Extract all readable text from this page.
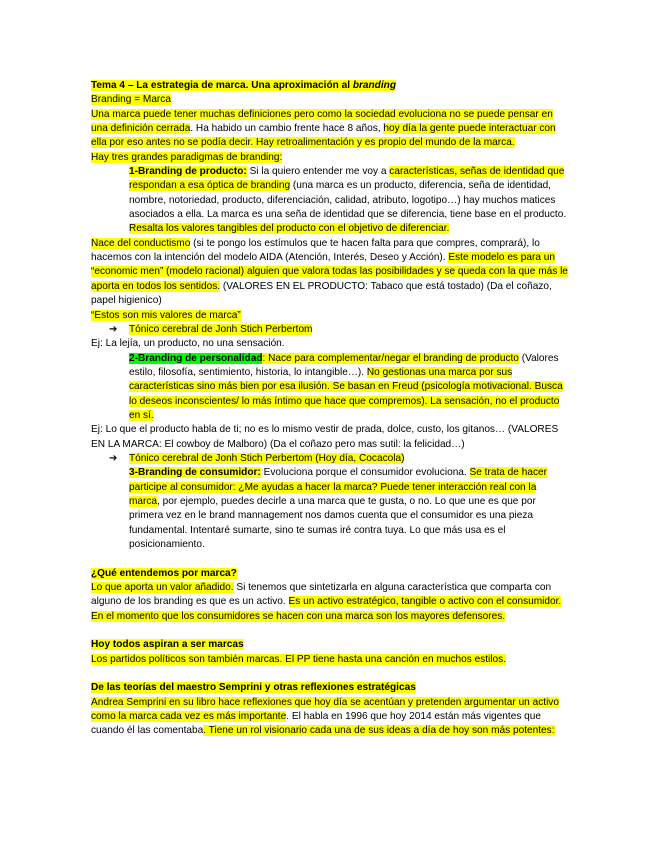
Tema 4 – La estrategia de marca. Una aproximación al branding

Branding = Marca

Una marca puede tener muchas definiciones pero como la sociedad evoluciona no se puede pensar en una definición cerrada. Ha habido un cambio frente hace 8 años, hoy día la gente puede interactuar con ella por eso antes no se podía decir. Hay retroalimentación y es propio del mundo de la marca.

Hay tres grandes paradigmas de branding:

1-Branding de producto: Si la quiero entender me voy a características, señas de identidad que respondan a esa óptica de branding (una marca es un producto, diferencia, seña de identidad, nombre, notoriedad, producto, diferenciación, calidad, atributo, logotipo…) hay muchos matices asociados a ella. La marca es una seña de identidad que se diferencia, tiene base en el producto. Resalta los valores tangibles del producto con el objetivo de diferenciar.

Nace del conductismo (si te pongo los estímulos que te hacen falta para que compres, comprará), lo hacemos con la intención del modelo AIDA (Atención, Interés, Deseo y Acción). Este modelo es para un “economic men” (modelo racional) alguien que valora todas las posibilidades y se queda con la que más le aporta en todos los sentidos. (VALORES EN EL PRODUCTO: Tabaco que está tostado) (Da el coñazo, papel higienico)

“Estos son mis valores de marca”

➔ Tónico cerebral de Jonh Stich Perbertom

Ej: La lejía, un producto, no una sensación.

2-Branding de personalidad: Nace para complementar/negar el branding de producto (Valores estilo, filosofía, sentimiento, historia, lo intangible…). No gestionas una marca por sus características sino más bien por esa ilusión. Se basan en Freud (psicología motivacional. Busca lo deseos inconscientes/ lo más íntimo que hace que compremos). La sensación, no el producto en sí.

Ej: Lo que el producto habla de ti; no es lo mismo vestir de prada, dolce, custo, los gitanos… (VALORES EN LA MARCA: El cowboy de Malboro) (Da el coñazo pero mas sutil: la felicidad…)

➔ Tónico cerebral de Jonh Stich Perbertom (Hoy día, Cocacola)

3-Branding de consumidor: Evoluciona porque el consumidor evoluciona. Se trata de hacer participe al consumidor: ¿Me ayudas a hacer la marca? Puede tener interacción real con la marca, por ejemplo, puedes decirle a una marca que te gusta, o no. Lo que une es que por primera vez en le brand mannagement nos damos cuenta que el consumidor es una pieza fundamental. Intentaré sumarte, sino te sumas iré contra tuya. Lo que más usa es el posicionamiento.

¿Qué entendemos por marca?

Lo que aporta un valor añadido. Si tenemos que sintetizarla en alguna característica que comparta con alguno de los branding es que es un activo. Es un activo estratégico, tangible o activo con el consumidor. En el momento que los consumidores se hacen con una marca son los mayores defensores.

Hoy todos aspiran a ser marcas

Los partidos políticos son también marcas. El PP tiene hasta una canción en muchos estilos.

De las teorías del maestro Semprini y otras reflexiones estratégicas

Andrea Semprini en su libro hace reflexiones que hoy día se acentúan y pretenden argumentar un activo como la marca cada vez es más importante. El habla en 1996 que hoy 2014 están más vigentes que cuando él las comentaba. Tiene un rol visionario cada una de sus ideas a día de hoy son más potentes:
